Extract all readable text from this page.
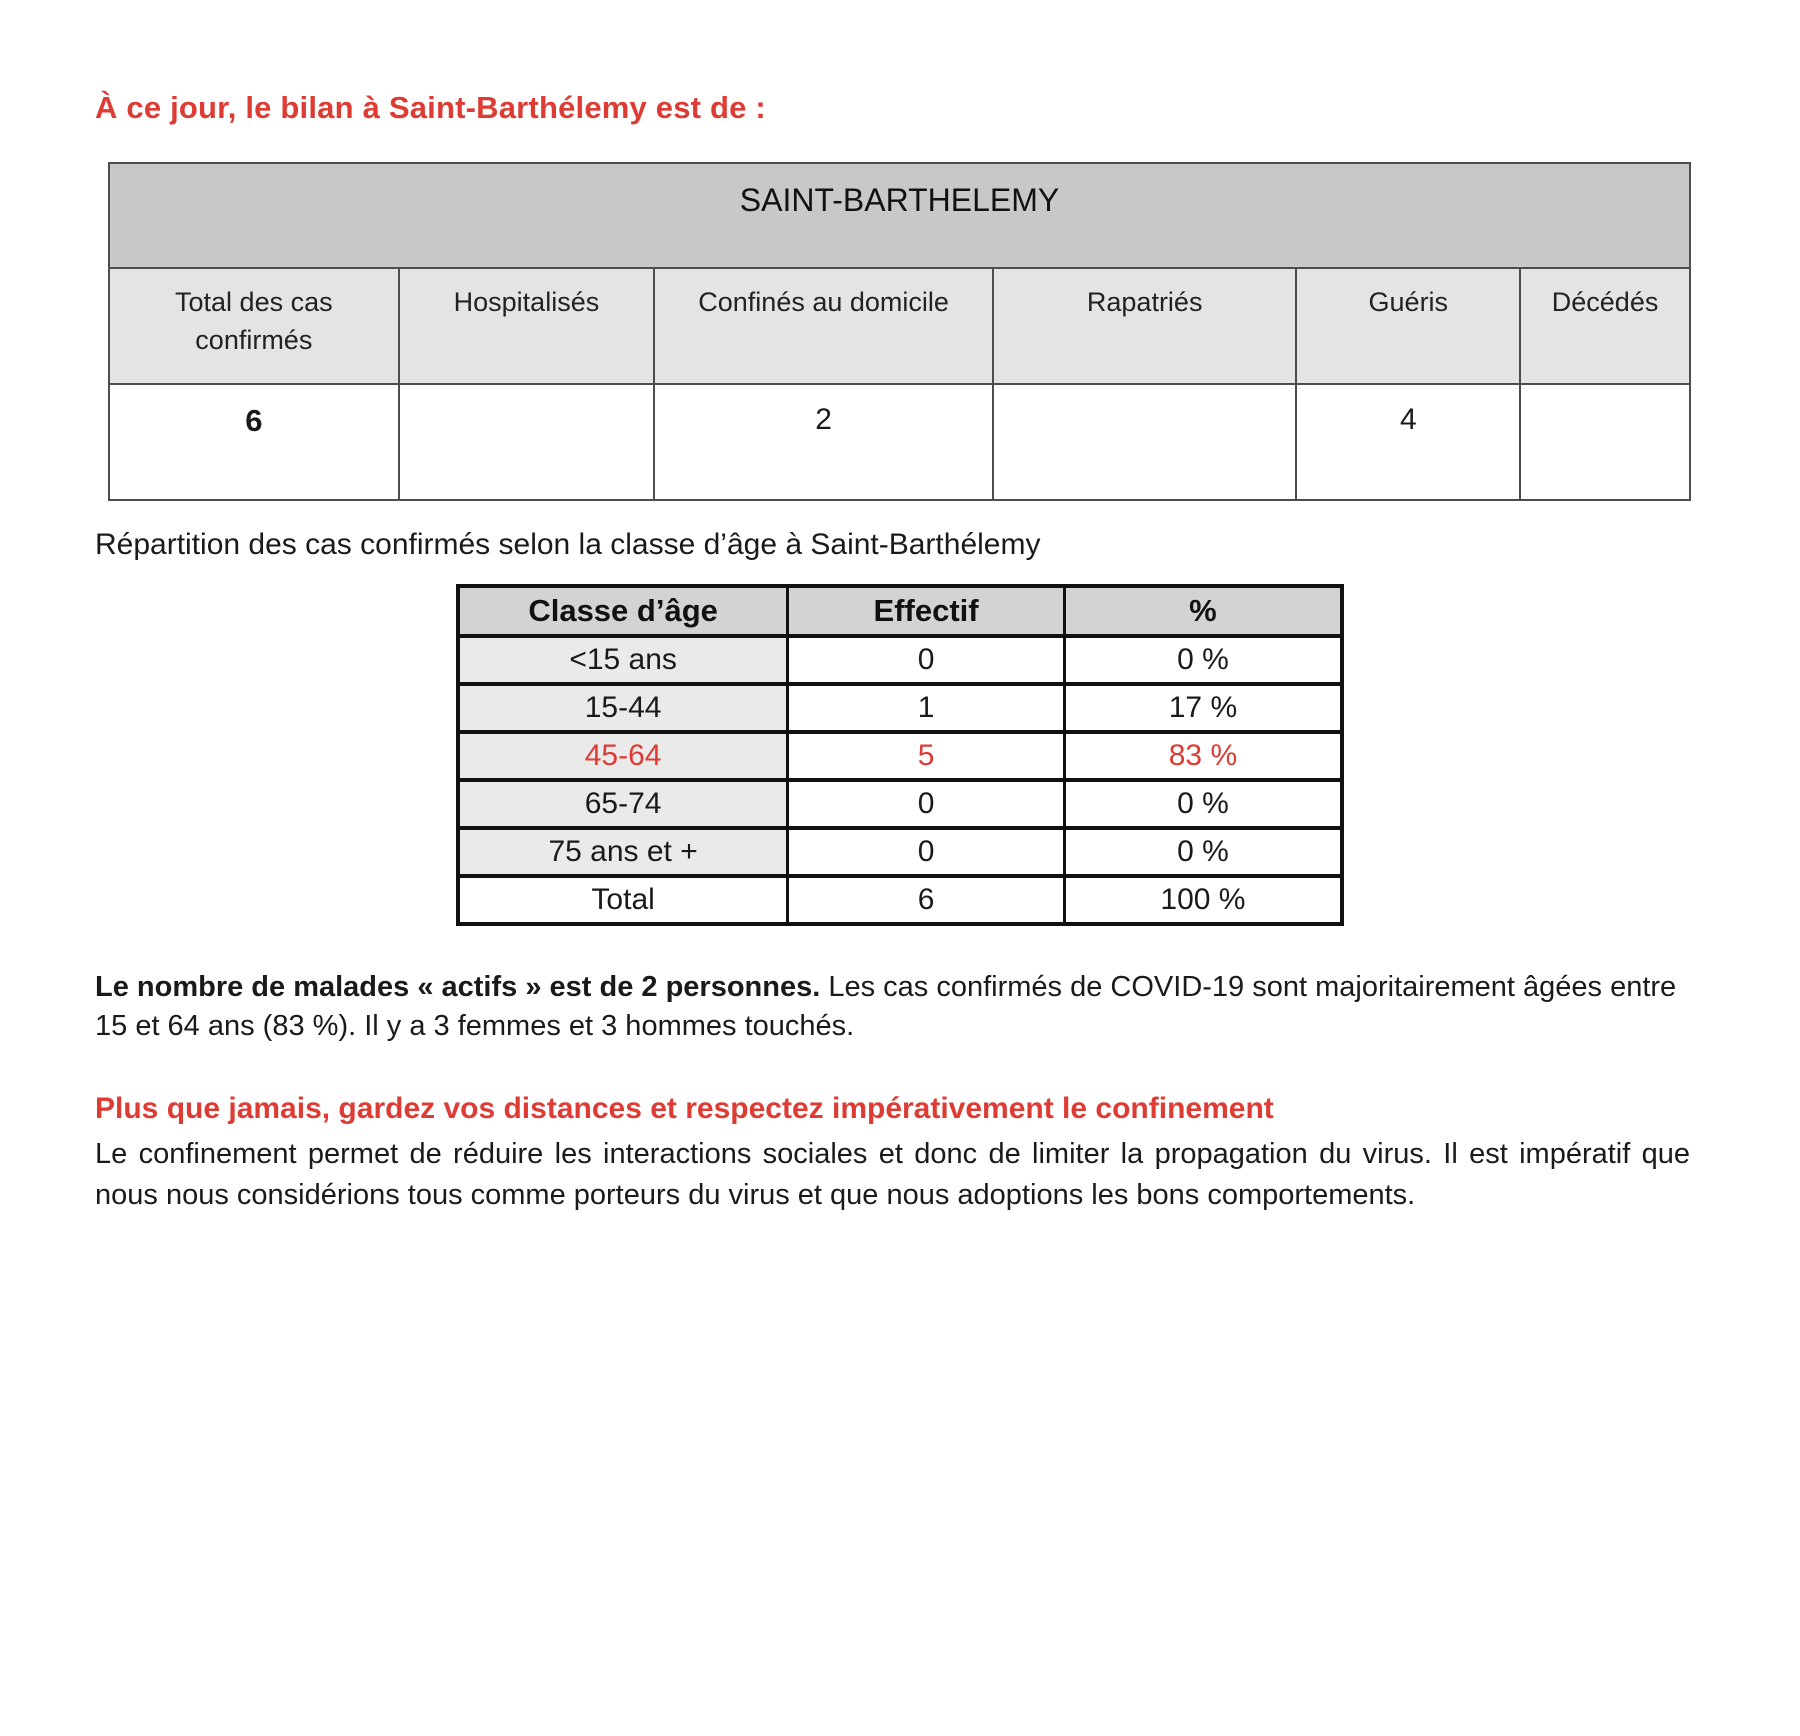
À ce jour, le bilan à Saint-Barthélemy est de :
SAINT-BARTHELEMY					
Total des cas confirmés	Hospitalisés	Confinés au domicile	Rapatriés	Guéris	Décédés
6		2		4	

Répartition des cas confirmés selon la classe d’âge à Saint-Barthélemy

Classe d’âge	Effectif	%
<15 ans	0	0 %
15-44	1	17 %
45-64	5	83 %
65-74	0	0 %
75 ans et +	0	0 %
Total	6	100 %

Le nombre de malades « actifs » est de 2 personnes. Les cas confirmés de COVID-19 sont majoritairement âgées entre 15 et 64 ans (83 %). Il y a 3 femmes et 3 hommes touchés.

Plus que jamais, gardez vos distances et respectez impérativement le confinement

Le confinement permet de réduire les interactions sociales et donc de limiter la propagation du virus. Il est impératif que nous nous considérions tous comme porteurs du virus et que nous adoptions les bons comportements.
